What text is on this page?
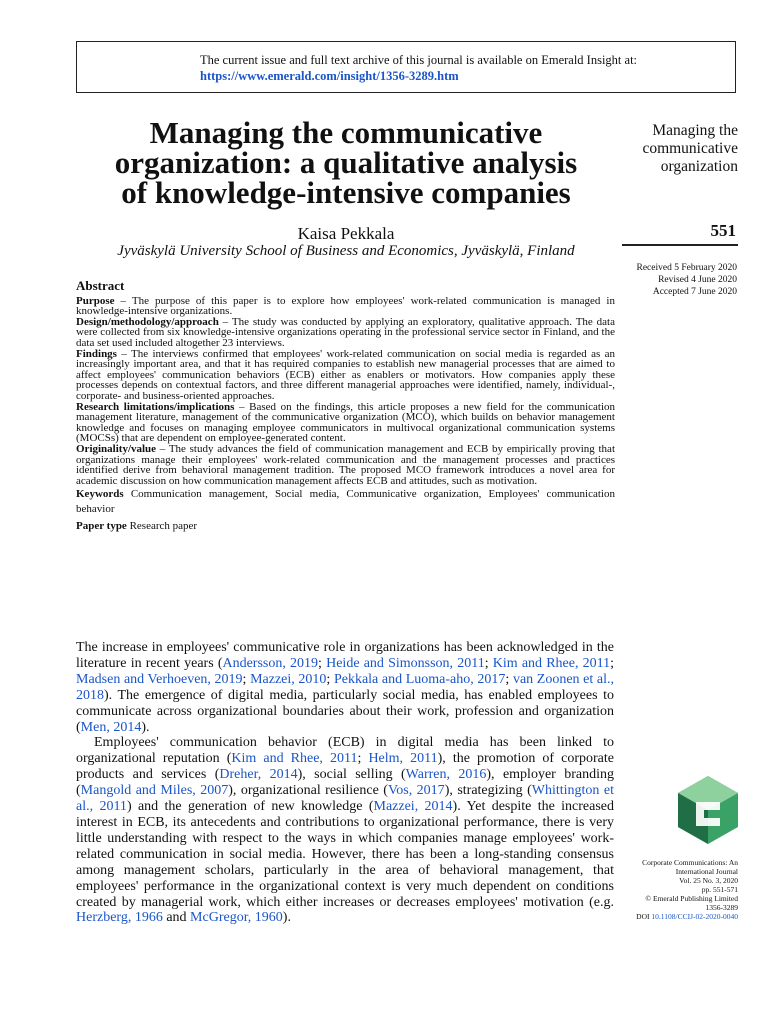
The current issue and full text archive of this journal is available on Emerald Insight at:
https://www.emerald.com/insight/1356-3289.htm
Managing the communicative
organization: a qualitative analysis
of knowledge-intensive companies
Kaisa Pekkala
Jyväskylä University School of Business and Economics, Jyväskylä, Finland
Managing the
communicative
organization
551
Received 5 February 2020
Revised 4 June 2020
Accepted 7 June 2020
Abstract

Purpose – The purpose of this paper is to explore how employees' work-related communication is managed in knowledge-intensive organizations.

Design/methodology/approach – The study was conducted by applying an exploratory, qualitative approach. The data were collected from six knowledge-intensive organizations operating in the professional service sector in Finland, and the data set used included altogether 23 interviews.

Findings – The interviews confirmed that employees' work-related communication on social media is regarded as an increasingly important area, and that it has required companies to establish new managerial processes that are aimed to affect employees' communication behaviors (ECB) either as enablers or motivators. How companies apply these processes depends on contextual factors, and three different managerial approaches were identified, namely, individual-, corporate- and business-oriented approaches.

Research limitations/implications – Based on the findings, this article proposes a new field for the communication management literature, management of the communicative organization (MCO), which builds on behavior management knowledge and focuses on managing employee communicators in multivocal organizational communication systems (MOCSs) that are dependent on employee-generated content.

Originality/value – The study advances the field of communication management and ECB by empirically proving that organizations manage their employees' work-related communication and the management processes and practices identified derive from behavioral management tradition. The proposed MCO framework introduces a novel area for academic discussion on how communication management affects ECB and attitudes, such as motivation.

Keywords Communication management, Social media, Communicative organization, Employees' communication behavior

Paper type Research paper

The increase in employees' communicative role in organizations has been acknowledged in the literature in recent years (Andersson, 2019; Heide and Simonsson, 2011; Kim and Rhee, 2011; Madsen and Verhoeven, 2019; Mazzei, 2010; Pekkala and Luoma-aho, 2017; van Zoonen et al., 2018). The emergence of digital media, particularly social media, has enabled employees to communicate across organizational boundaries about their work, profession and organization (Men, 2014).

Employees' communication behavior (ECB) in digital media has been linked to organizational reputation (Kim and Rhee, 2011; Helm, 2011), the promotion of corporate products and services (Dreher, 2014), social selling (Warren, 2016), employer branding (Mangold and Miles, 2007), organizational resilience (Vos, 2017), strategizing (Whittington et al., 2011) and the generation of new knowledge (Mazzei, 2014). Yet despite the increased interest in ECB, its antecedents and contributions to organizational performance, there is very little understanding with respect to the ways in which companies manage employees' work-related communication in social media. However, there has been a long-standing consensus among management scholars, particularly in the area of behavioral management, that employees' performance in the organizational context is very much dependent on conditions created by managerial work, which either increases or decreases employees' motivation (e.g. Herzberg, 1966 and McGregor, 1960).

Corporate Communications: An
International Journal
Vol. 25 No. 3, 2020
pp. 551-571
© Emerald Publishing Limited
1356-3289
DOI 10.1108/CCIJ-02-2020-0040
